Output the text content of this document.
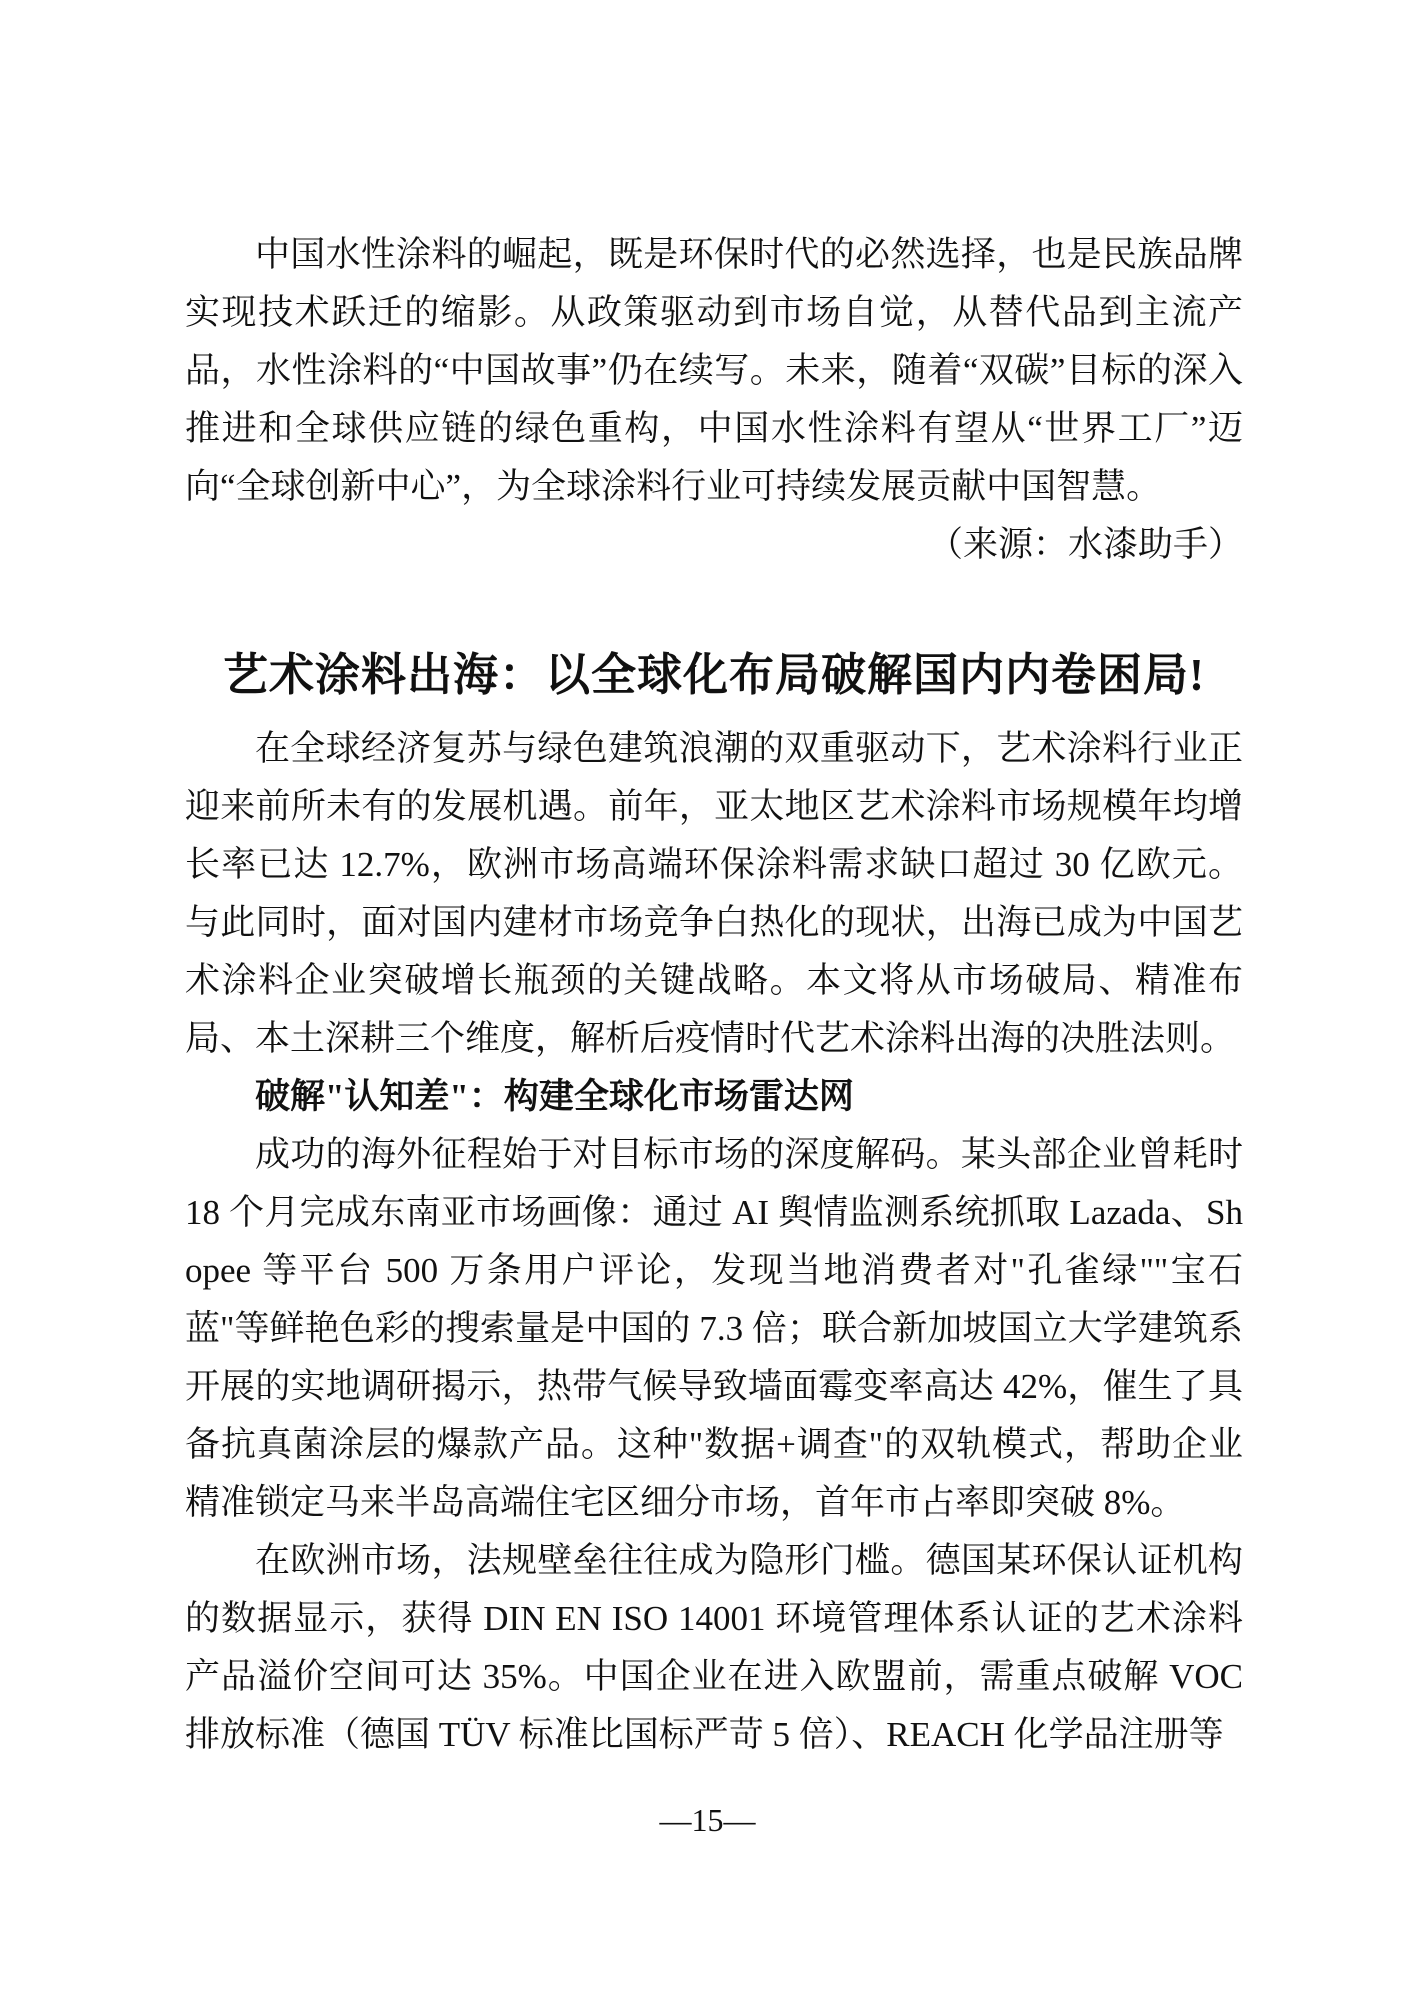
中国水性涂料的崛起，既是环保时代的必然选择，也是民族品牌实现技术跃迁的缩影。从政策驱动到市场自觉，从替代品到主流产品，水性涂料的“中国故事”仍在续写。未来，随着“双碳”目标的深入推进和全球供应链的绿色重构，中国水性涂料有望从“世界工厂”迈向“全球创新中心”，为全球涂料行业可持续发展贡献中国智慧。

（来源：水漆助手）

艺术涂料出海：以全球化布局破解国内内卷困局!

在全球经济复苏与绿色建筑浪潮的双重驱动下，艺术涂料行业正迎来前所未有的发展机遇。前年，亚太地区艺术涂料市场规模年均增长率已达 12.7%，欧洲市场高端环保涂料需求缺口超过 30 亿欧元。与此同时，面对国内建材市场竞争白热化的现状，出海已成为中国艺术涂料企业突破增长瓶颈的关键战略。本文将从市场破局、精准布局、本土深耕三个维度，解析后疫情时代艺术涂料出海的决胜法则。

破解"认知差"：构建全球化市场雷达网

成功的海外征程始于对目标市场的深度解码。某头部企业曾耗时 18 个月完成东南亚市场画像：通过 AI 舆情监测系统抓取 Lazada、Shopee 等平台 500 万条用户评论，发现当地消费者对"孔雀绿""宝石蓝"等鲜艳色彩的搜索量是中国的 7.3 倍；联合新加坡国立大学建筑系开展的实地调研揭示，热带气候导致墙面霉变率高达 42%，催生了具备抗真菌涂层的爆款产品。这种"数据+调查"的双轨模式，帮助企业精准锁定马来半岛高端住宅区细分市场，首年市占率即突破 8%。

在欧洲市场，法规壁垒往往成为隐形门槛。德国某环保认证机构的数据显示，获得 DIN EN ISO 14001 环境管理体系认证的艺术涂料产品溢价空间可达 35%。中国企业在进入欧盟前，需重点破解 VOC 排放标准（德国 TÜV 标准比国标严苛 5 倍）、REACH 化学品注册等

—15—
